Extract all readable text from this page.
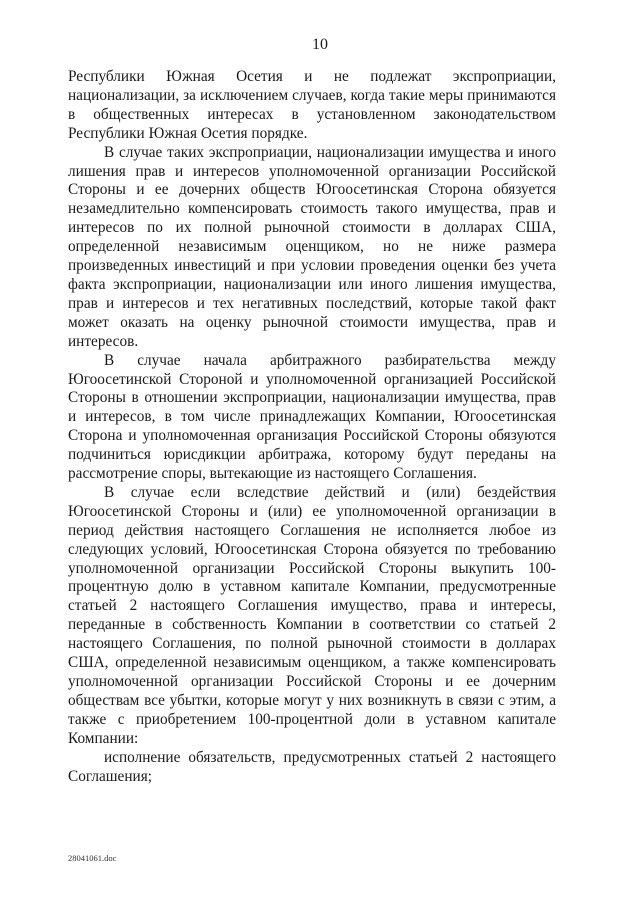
10

Республики Южная Осетия и не подлежат экспроприации, национализации, за исключением случаев, когда такие меры принимаются в общественных интересах в установленном законодательством Республики Южная Осетия порядке.

В случае таких экспроприации, национализации имущества и иного лишения прав и интересов уполномоченной организации Российской Стороны и ее дочерних обществ Югоосетинская Сторона обязуется незамедлительно компенсировать стоимость такого имущества, прав и интересов по их полной рыночной стоимости в долларах США, определенной независимым оценщиком, но не ниже размера произведенных инвестиций и при условии проведения оценки без учета факта экспроприации, национализации или иного лишения имущества, прав и интересов и тех негативных последствий, которые такой факт может оказать на оценку рыночной стоимости имущества, прав и интересов.

В случае начала арбитражного разбирательства между Югоосетинской Стороной и уполномоченной организацией Российской Стороны в отношении экспроприации, национализации имущества, прав и интересов, в том числе принадлежащих Компании, Югоосетинская Сторона и уполномоченная организация Российской Стороны обязуются подчиниться юрисдикции арбитража, которому будут переданы на рассмотрение споры, вытекающие из настоящего Соглашения.

В случае если вследствие действий и (или) бездействия Югоосетинской Стороны и (или) ее уполномоченной организации в период действия настоящего Соглашения не исполняется любое из следующих условий, Югоосетинская Сторона обязуется по требованию уполномоченной организации Российской Стороны выкупить 100-процентную долю в уставном капитале Компании, предусмотренные статьей 2 настоящего Соглашения имущество, права и интересы, переданные в собственность Компании в соответствии со статьей 2 настоящего Соглашения, по полной рыночной стоимости в долларах США, определенной независимым оценщиком, а также компенсировать уполномоченной организации Российской Стороны и ее дочерним обществам все убытки, которые могут у них возникнуть в связи с этим, а также с приобретением 100-процентной доли в уставном капитале Компании:

исполнение обязательств, предусмотренных статьей 2 настоящего Соглашения;

28041061.doc
